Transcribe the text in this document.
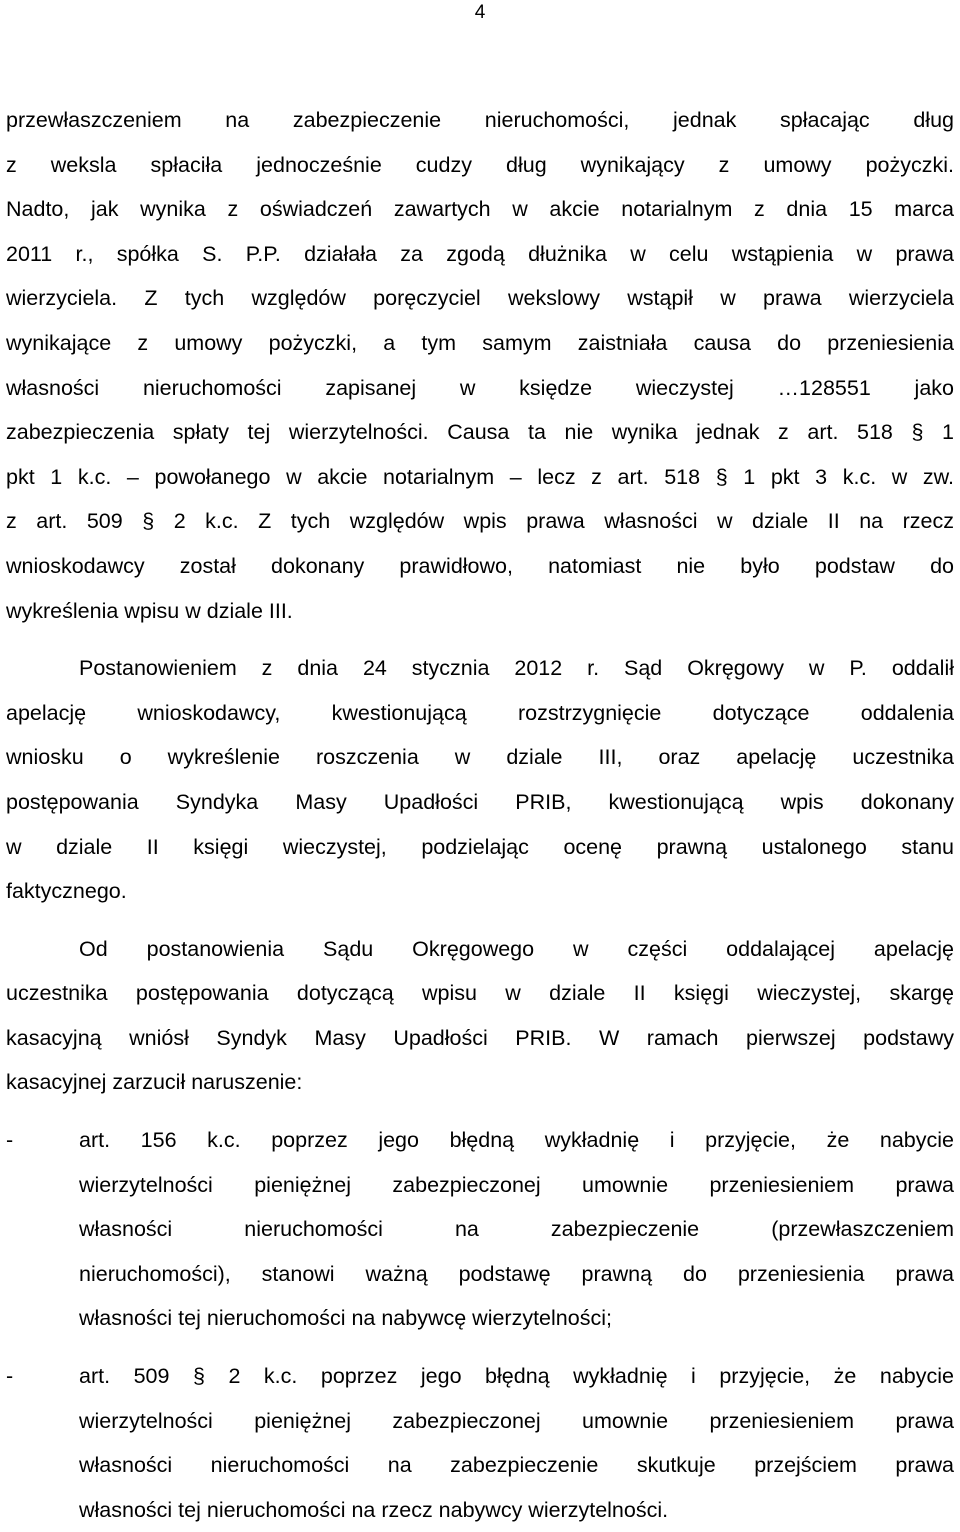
4
przewłaszczeniem na zabezpieczenie nieruchomości, jednak spłacając dług
z weksla spłaciła jednocześnie cudzy dług wynikający z umowy pożyczki.
Nadto, jak wynika z oświadczeń zawartych w akcie notarialnym z dnia 15 marca
2011 r., spółka S. P.P. działała za zgodą dłużnika w celu wstąpienia w prawa
wierzyciela. Z tych względów poręczyciel wekslowy wstąpił w prawa wierzyciela
wynikające z umowy pożyczki, a tym samym zaistniała causa do przeniesienia
własności nieruchomości zapisanej w księdze wieczystej …128551 jako
zabezpieczenia spłaty tej wierzytelności. Causa ta nie wynika jednak z art. 518 § 1
pkt 1 k.c. – powołanego w akcie notarialnym – lecz z art. 518 § 1 pkt 3 k.c. w zw.
z art. 509 § 2 k.c. Z tych względów wpis prawa własności w dziale II na rzecz
wnioskodawcy został dokonany prawidłowo, natomiast nie było podstaw do
wykreślenia wpisu w dziale III.
Postanowieniem z dnia 24 stycznia 2012 r. Sąd Okręgowy w P. oddalił
apelację wnioskodawcy, kwestionującą rozstrzygnięcie dotyczące oddalenia
wniosku o wykreślenie roszczenia w dziale III, oraz apelację uczestnika
postępowania Syndyka Masy Upadłości PRIB, kwestionującą wpis dokonany
w dziale II księgi wieczystej, podzielając ocenę prawną ustalonego stanu
faktycznego.
Od postanowienia Sądu Okręgowego w części oddalającej apelację
uczestnika postępowania dotyczącą wpisu w dziale II księgi wieczystej, skargę
kasacyjną wniósł Syndyk Masy Upadłości PRIB. W ramach pierwszej podstawy
kasacyjnej zarzucił naruszenie:
-	art. 156 k.c. poprzez jego błędną wykładnię i przyjęcie, że nabycie
wierzytelności pieniężnej zabezpieczonej umownie przeniesieniem prawa
własności nieruchomości na zabezpieczenie (przewłaszczeniem
nieruchomości), stanowi ważną podstawę prawną do przeniesienia prawa
własności tej nieruchomości na nabywcę wierzytelności;
-	art. 509 § 2 k.c. poprzez jego błędną wykładnię i przyjęcie, że nabycie
wierzytelności pieniężnej zabezpieczonej umownie przeniesieniem prawa
własności nieruchomości na zabezpieczenie skutkuje przejściem prawa
własności tej nieruchomości na rzecz nabywcy wierzytelności.
